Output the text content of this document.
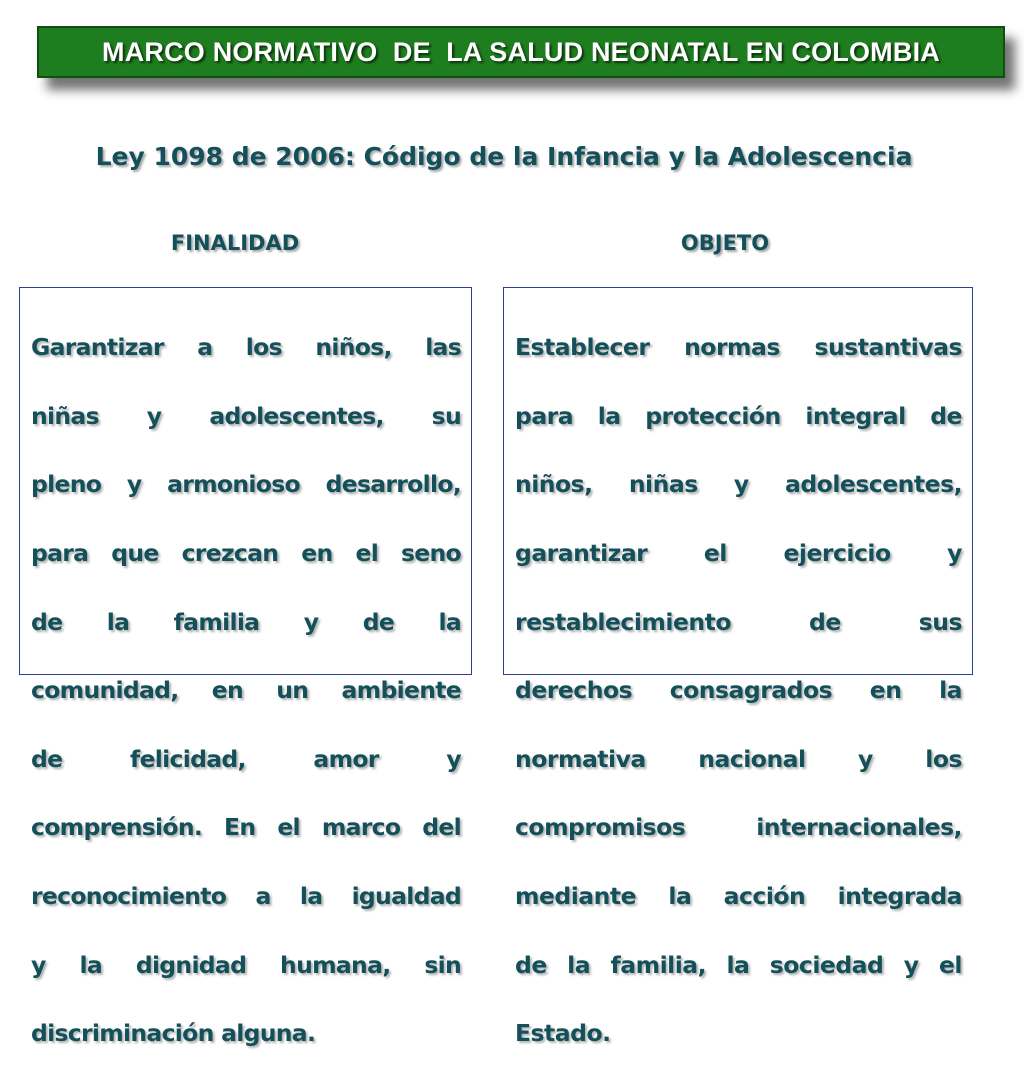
MARCO NORMATIVO  DE  LA SALUD NEONATAL EN COLOMBIA
Ley 1098 de 2006: Código de la Infancia y la Adolescencia
FINALIDAD	OBJETO

Garantizar a los niños, las

niñas y adolescentes, su

pleno y armonioso desarrollo,

para que crezcan en el seno

de la familia y de la

comunidad, en un ambiente

de felicidad, amor y

comprensión. En el marco del

reconocimiento a la igualdad

y la dignidad humana, sin

discriminación alguna.

Establecer normas sustantivas

para la protección integral de

niños, niñas y adolescentes,

garantizar el ejercicio y

restablecimiento de sus

derechos consagrados en la

normativa nacional y los

compromisos internacionales,

mediante la acción integrada

de la familia, la sociedad y el

Estado.
